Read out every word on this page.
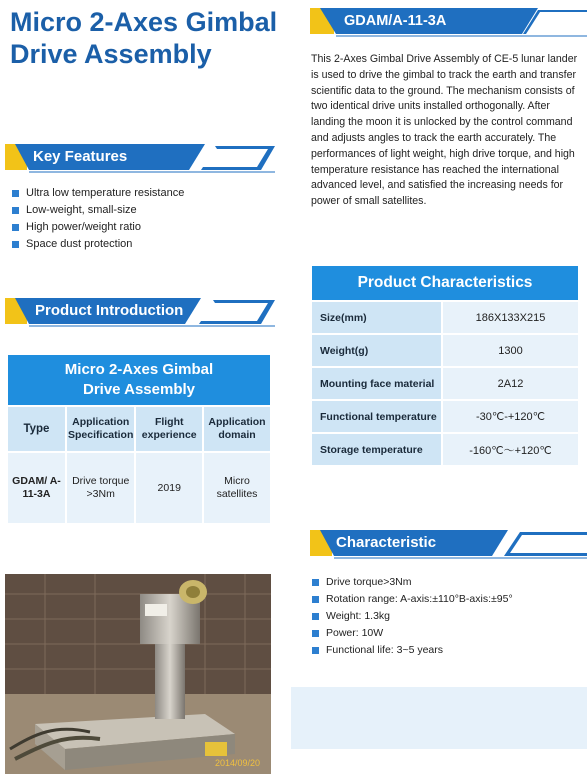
Micro 2-Axes Gimbal Drive Assembly
GDAM/A-11-3A
Key Features
Ultra low temperature resistance
Low-weight, small-size
High power/weight ratio
Space dust protection
This 2-Axes Gimbal Drive Assembly of CE-5 lunar lander is used to drive the gimbal to track the earth and transfer scientific data to the ground. The mechanism consists of two identical drive units installed orthogonally. After landing the moon it is unlocked by the control command and adjusts angles to track the earth accurately. The performances of light weight, high drive torque, and high temperature resistance has reached the international advanced level, and satisfied the increasing needs for power of small satellites.
Product Introduction
Micro 2-Axes Gimbal
Drive Assembly			

Type	Application Specification	Flight experience	Application domain
GDAM/ A-11-3A	Drive torque >3Nm	2019	Micro satellites
Product Characteristics	
Size(mm)	186X133X215
Weight(g)	1300
Mounting face material	2A12
Functional temperature	-30℃-+120℃
Storage temperature	-160℃～+120℃
Characteristic
Drive torque>3Nm
Rotation range: A-axis:±110°B-axis:±95°
Weight: 1.3kg
Power: 10W
Functional life: 3~5 years
2014/09/20
